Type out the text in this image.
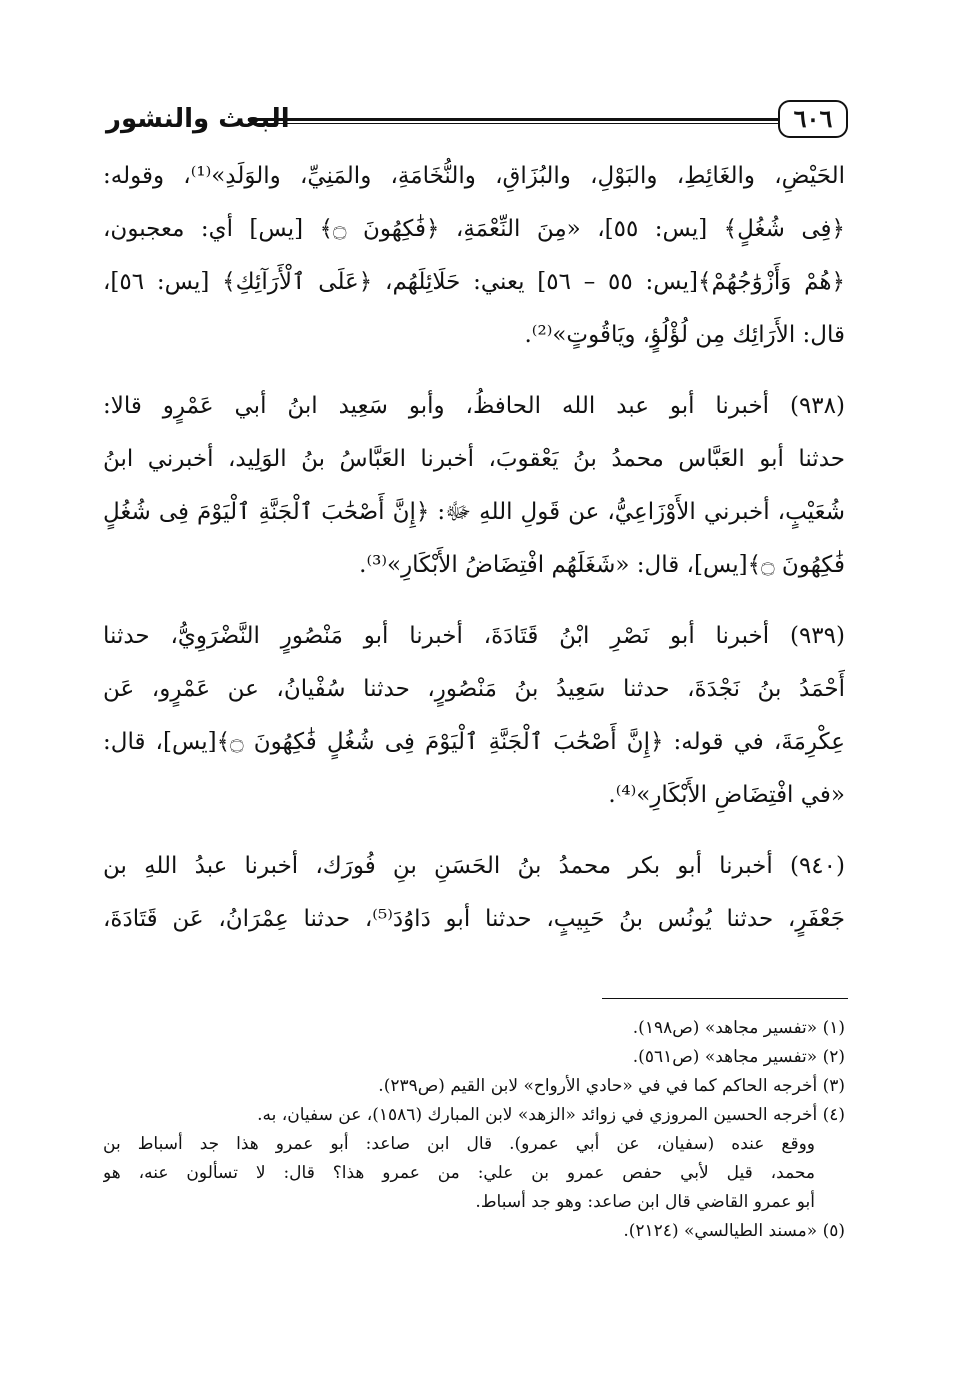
البعث والنشور	٦٠٦
الحَيْضِ، والغَائِطِ، والبَوْلِ، والبُزَاقِ، والنُّخَامَةِ، والمَنِيِّ، والوَلَدِ»⁽¹⁾، وقوله:
﴿فِى شُغُلٍ﴾ [يس: ٥٥]، «مِنَ النِّعْمَةِ، ﴿فَٰكِهُونَ ۝﴾ [يس] أي: معجبون،
﴿هُمْ وَأَزْوَٰجُهُمْ﴾[يس: ٥٥ – ٥٦] يعني: حَلَائِلَهُم، ﴿عَلَى ٱلْأَرَآئِكِ﴾ [يس: ٥٦]،
قال: الأَرَائِك مِن لُؤْلُؤٍ، ويَاقُوتٍ»⁽²⁾.
(٩٣٨) أخبرنا أبو عبد الله الحافظُ، وأبو سَعِيد ابنُ أبي عَمْرٍو قالا:
حدثنا أبو العَبَّاس محمدُ بنُ يَعْقوبَ، أخبرنا العَبَّاسُ بنُ الوَلِيد، أخبرني ابنُ
شُعَيْبٍ، أخبرني الأَوْزَاعِيُّ، عن قَولِ اللهِ ﷻ: ﴿إِنَّ أَصْحَٰبَ ٱلْجَنَّةِ ٱلْيَوْمَ فِى شُغُلٍ
فَٰكِهُونَ ۝﴾[يس]، قال: «شَغَلَهُم افْتِضَاضُ الأَبْكَارِ»⁽³⁾.
(٩٣٩) أخبرنا أبو نَصْرِ ابْنُ قَتَادَةَ، أخبرنا أبو مَنْصُورٍ النَّضْرَوِيُّ، حدثنا
أَحْمَدُ بنُ نَجْدَةَ، حدثنا سَعِيدُ بنُ مَنْصُورٍ، حدثنا سُفْيانُ، عن عَمْرٍو، عَن
عِكْرِمَةَ، في قوله: ﴿إِنَّ أَصْحَٰبَ ٱلْجَنَّةِ ٱلْيَوْمَ فِى شُغُلٍ فَٰكِهُونَ ۝﴾[يس]، قال:
«في افْتِضَاضِ الأَبْكَارِ»⁽⁴⁾.
(٩٤٠) أخبرنا أبو بكر محمدُ بنُ الحَسَنِ بنِ فُورَك، أخبرنا عبدُ اللهِ بن
جَعْفَرٍ، حدثنا يُونُس بنُ حَبِيبٍ، حدثنا أبو دَاوُدَ⁽⁵⁾، حدثنا عِمْرَانُ، عَن قَتَادَةَ،
(١) «تفسير مجاهد» (ص١٩٨).
(٢) «تفسير مجاهد» (ص٥٦١).
(٣) أخرجه الحاكم كما في في «حادي الأرواح» لابن القيم (ص٢٣٩).
(٤) أخرجه الحسين المروزي في زوائد «الزهد» لابن المبارك (١٥٨٦)، عن سفيان، به.
ووقع عنده (سفيان، عن أبي عمرو). قال ابن صاعد: أبو عمرو هذا جد أسباط بن
محمد، قيل لأبي حفص عمرو بن علي: من عمرو هذا؟ قال: لا تسألون عنه، هو
أبو عمرو القاضي قال ابن صاعد: وهو جد أسباط.
(٥) «مسند الطيالسي» (٢١٢٤).
